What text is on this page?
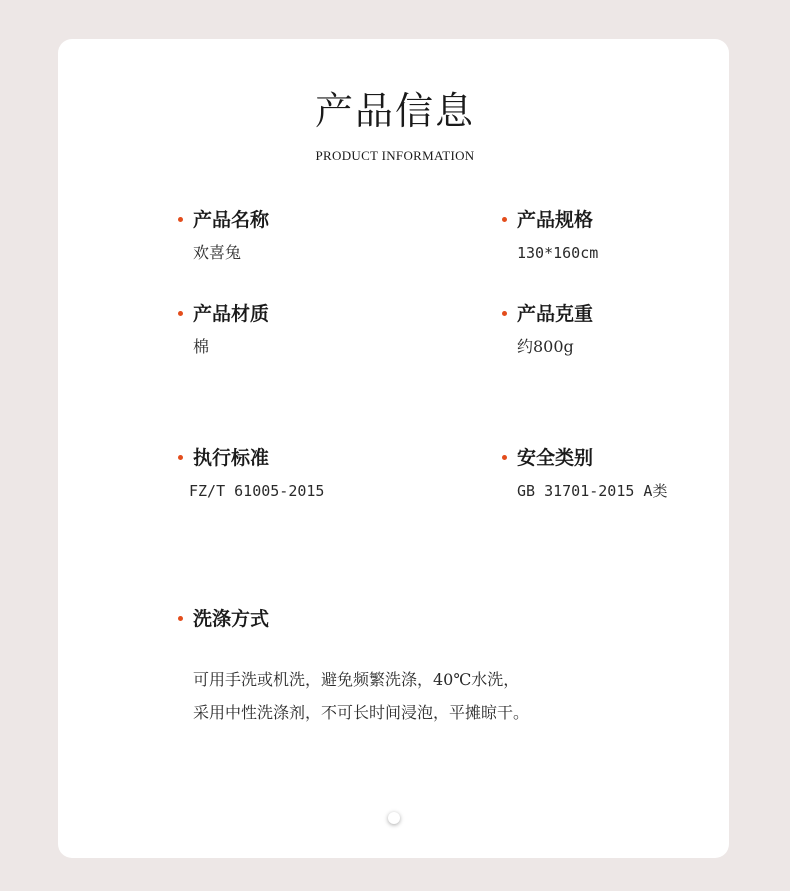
产品信息
PRODUCT INFORMATION
产品名称
欢喜兔
产品规格
130*160cm
产品材质
棉
产品克重
约800g
执行标准
FZ/T 61005-2015
安全类别
GB 31701-2015 A类
洗涤方式
可用手洗或机洗，避免频繁洗涤，40℃水洗，
采用中性洗涤剂，不可长时间浸泡，平摊晾干。
